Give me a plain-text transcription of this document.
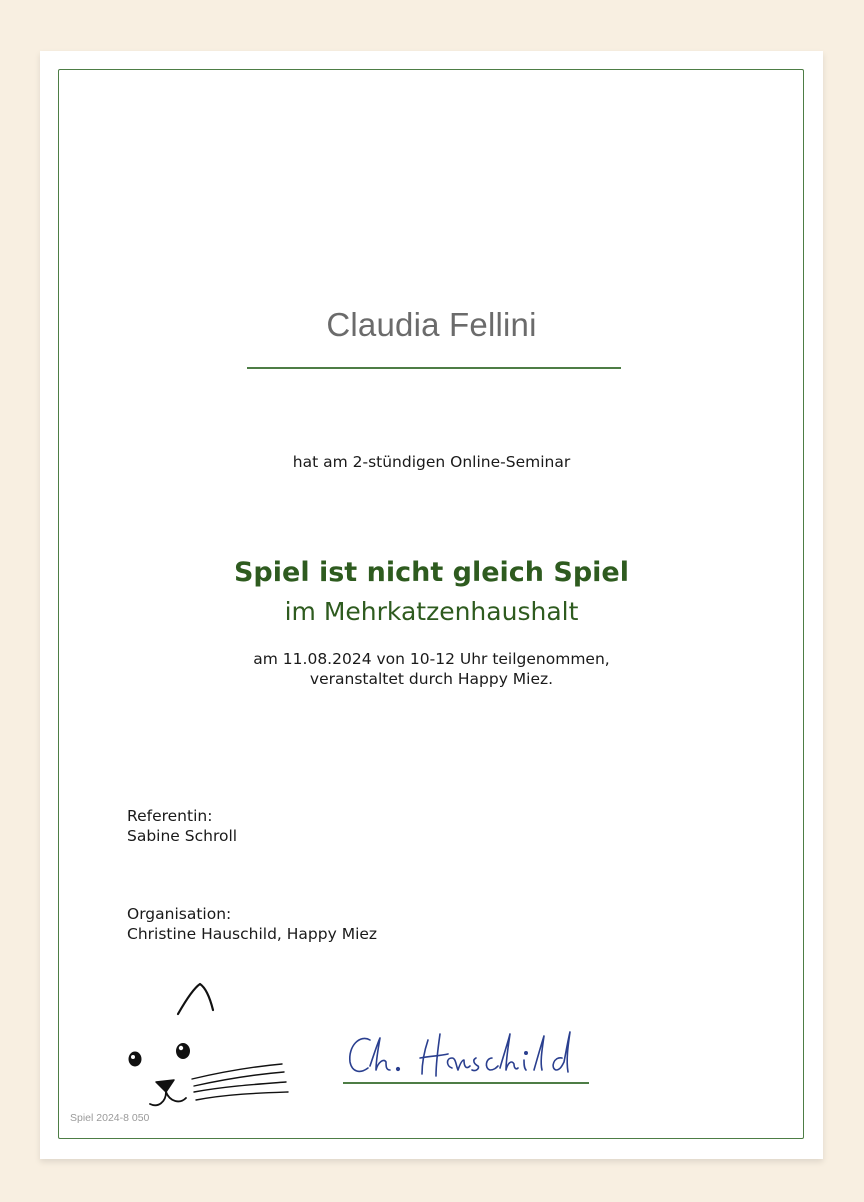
Claudia Fellini
hat am 2-stündigen Online-Seminar
Spiel ist nicht gleich Spiel
im Mehrkatzenhaushalt
am 11.08.2024 von 10-12 Uhr teilgenommen,
veranstaltet durch Happy Miez.
Referentin:
Sabine Schroll
Organisation:
Christine Hauschild, Happy Miez
Spiel 2024-8 050
